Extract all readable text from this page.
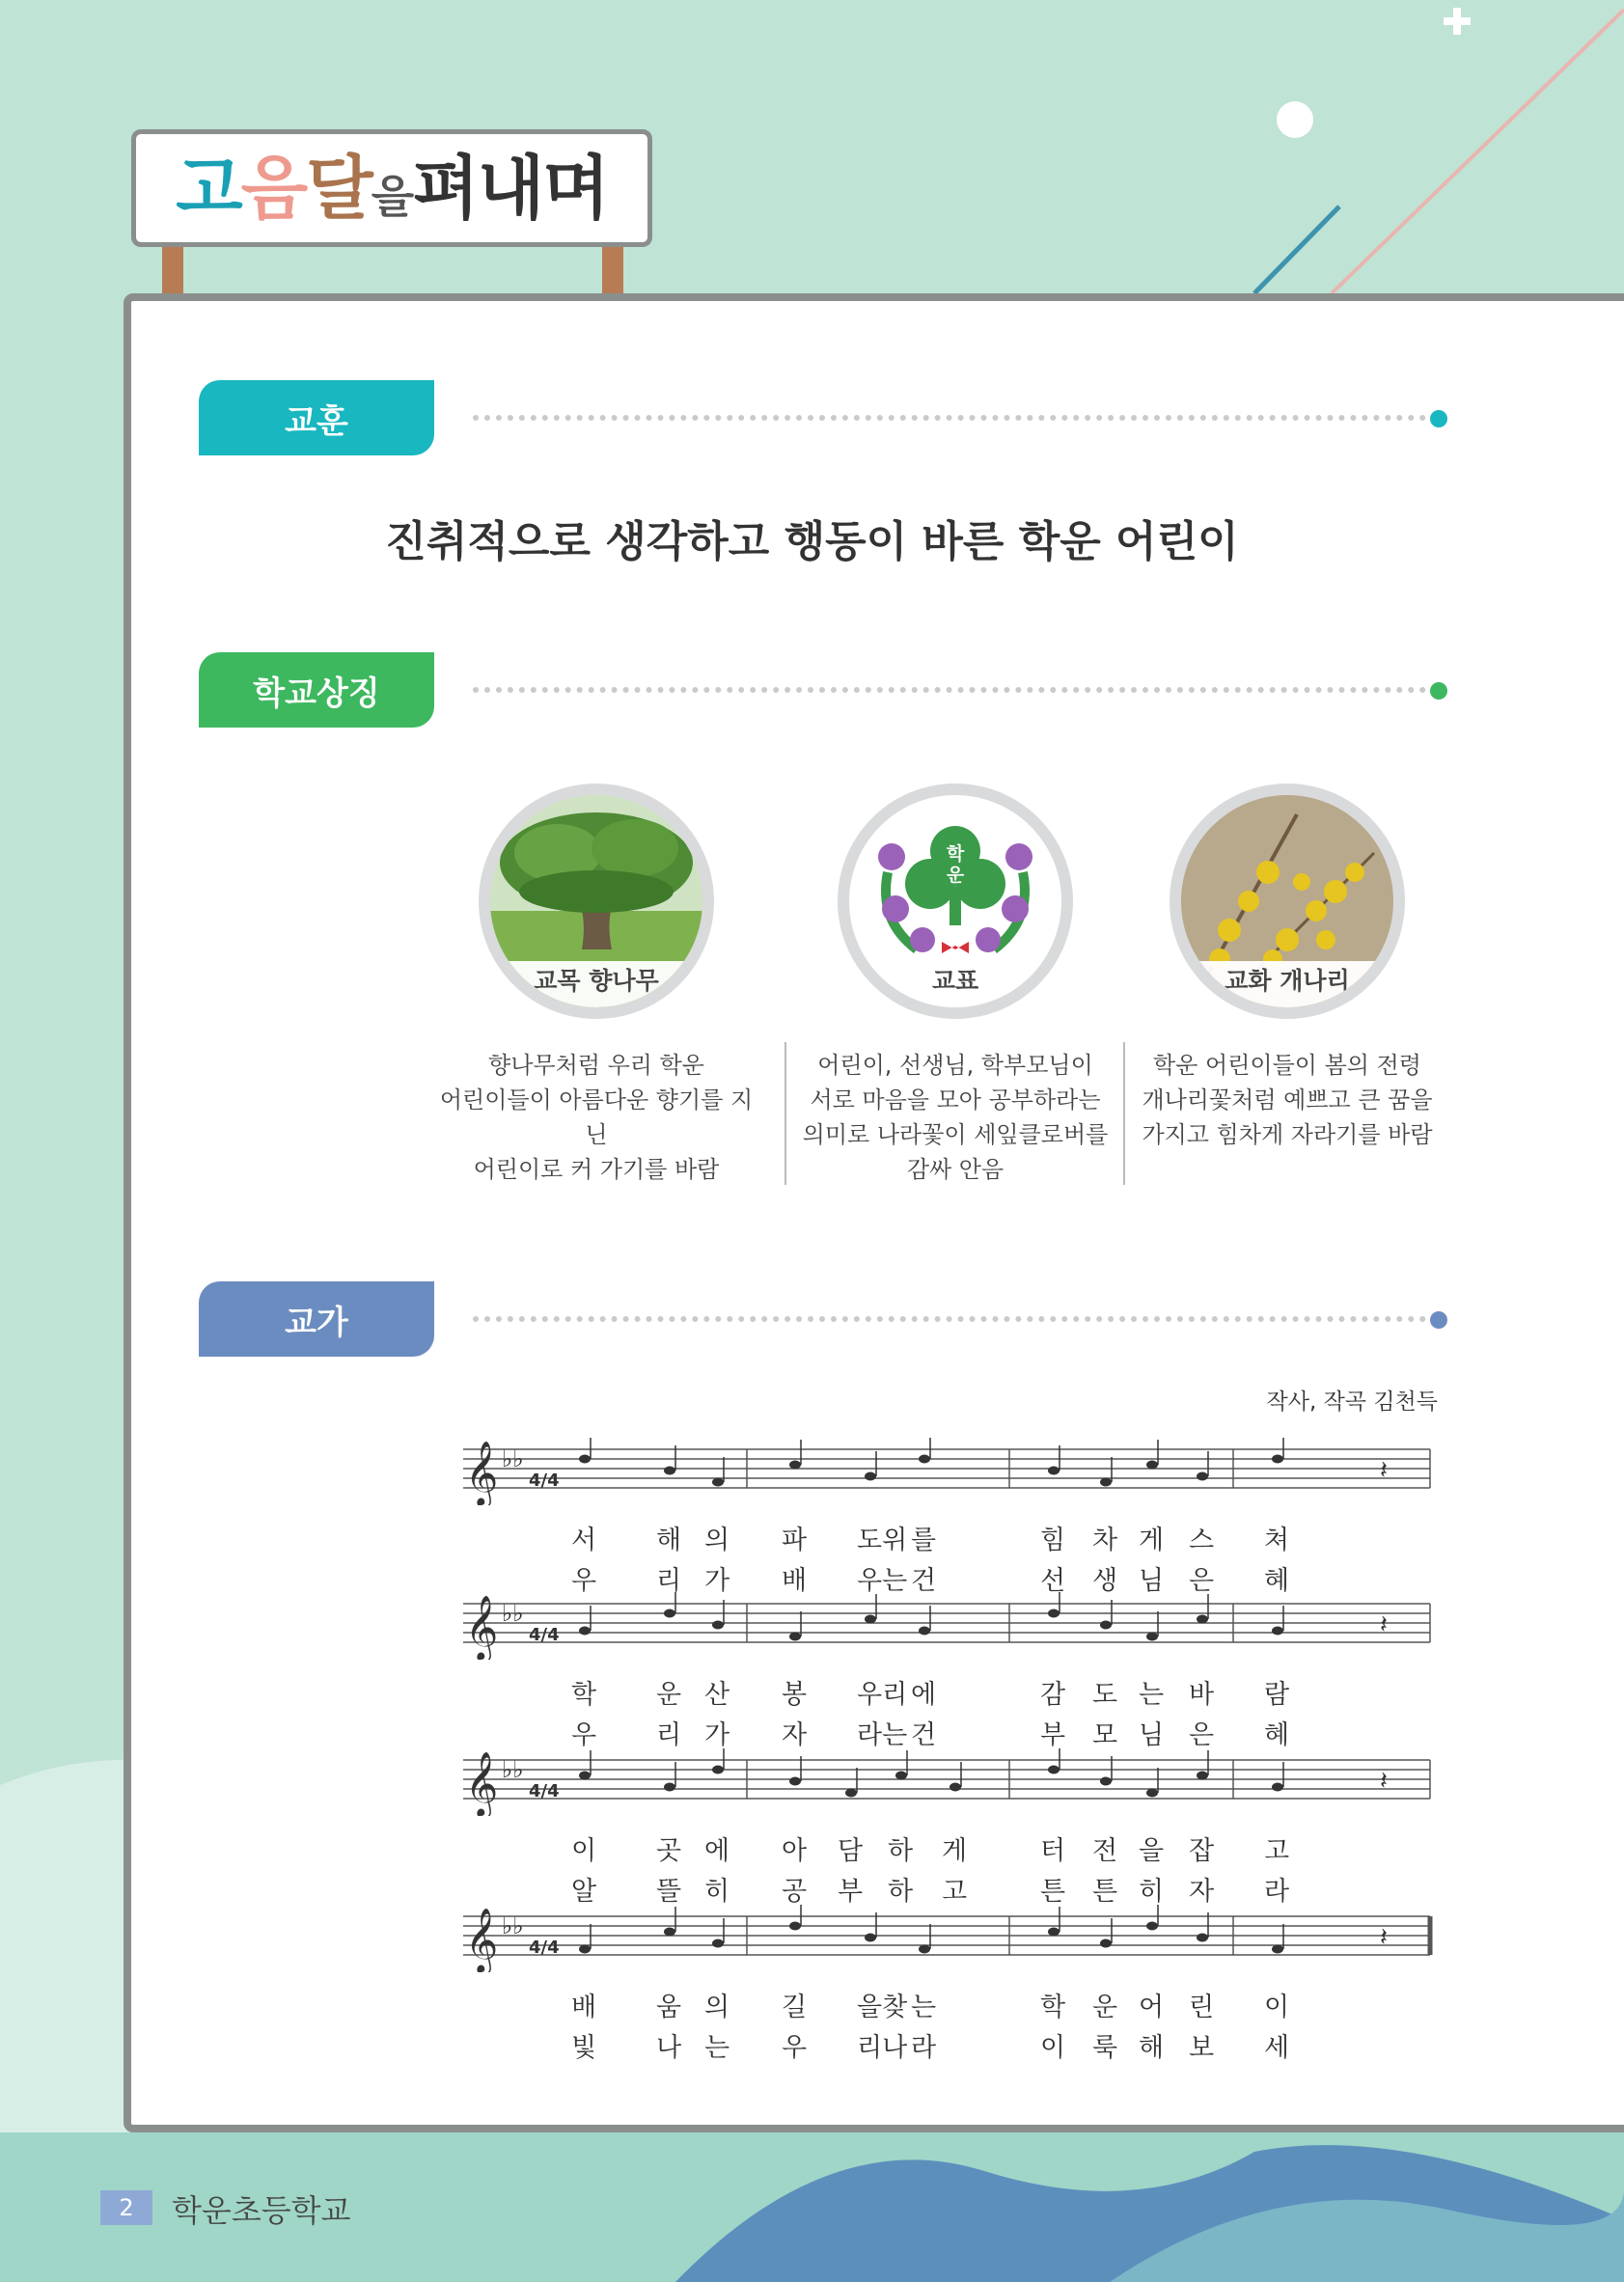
고음달을펴내며
교훈
진취적으로 생각하고 행동이 바른 학운 어린이
학교상징
교목 향나무
학운
교표	교화 개나리
향나무처럼 우리 학운
어린이들이 아름다운 향기를 지닌
어린이로 커 가기를 바람
어린이, 선생님, 학부모님이
서로 마음을 모아 공부하라는
의미로 나라꽃이 세잎클로버를
감싸 안음
학운 어린이들이 봄의 전령
개나리꽃처럼 예쁘고 큰 꿈을
가지고 힘차게 자라기를 바람
교가
작사, 작곡 김천득
𝄞 ♭♭
4/4	𝄽
서 해 의 파 도위 를	힘 차 게 스 쳐
우 리 가 배 우는 건	선 생 님 은 혜
𝄞 ♭♭
4/4	𝄽
학 운 산 봉 우리 에	감 도 는 바 람
우 리 가 자 라는 건	부 모 님 은 혜
𝄞 ♭♭
4/4	𝄽
이 곳 에 아 담 하 게	터 전 을 잡 고
알 뜰 히 공 부 하 고	튼 튼 히 자 라
𝄞 ♭♭
4/4	𝄽
배 움 의 길 을찾 는	학 운 어 린 이
빛 나 는 우 리나 라	이 룩 해 보 세
2	학운초등학교
